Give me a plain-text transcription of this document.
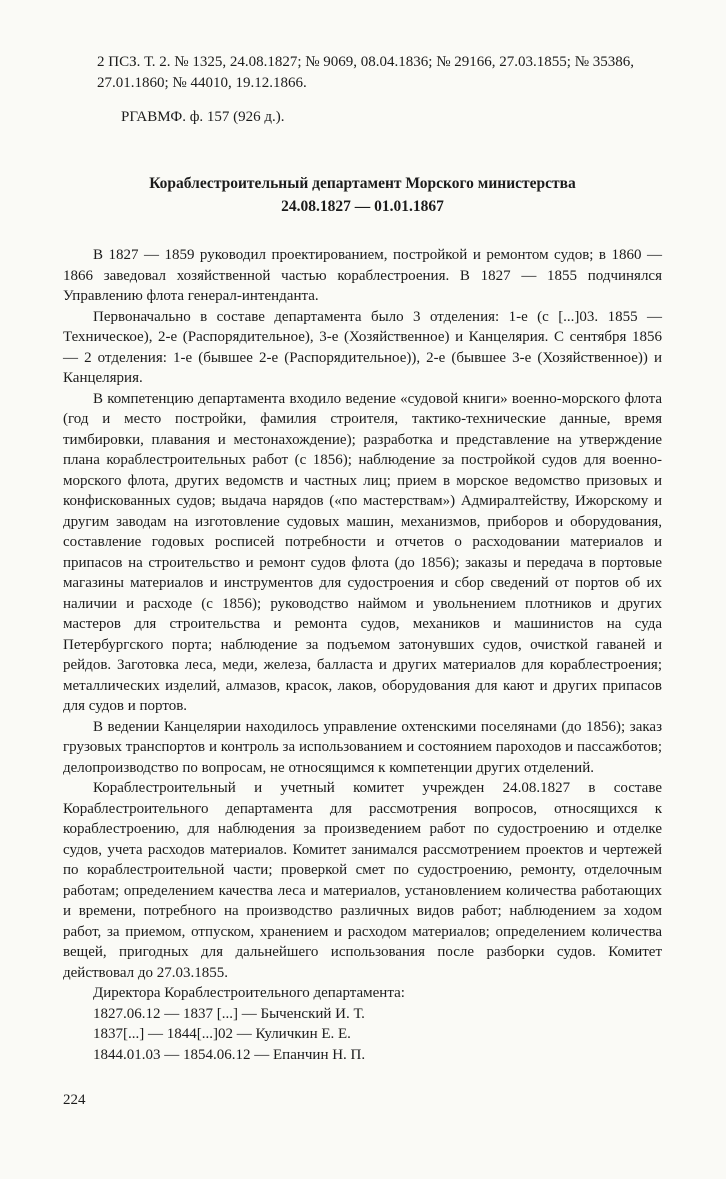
2 ПСЗ. Т. 2. № 1325, 24.08.1827; № 9069, 08.04.1836; № 29166, 27.03.1855; № 35386, 27.01.1860; № 44010, 19.12.1866.
РГАВМФ. ф. 157 (926 д.).
Кораблестроительный департамент Морского министерства
24.08.1827 — 01.01.1867

В 1827 — 1859 руководил проектированием, постройкой и ремонтом судов; в 1860 — 1866 заведовал хозяйственной частью кораблестроения. В 1827 — 1855 подчинялся Управлению флота генерал-интенданта.

Первоначально в составе департамента было 3 отделения: 1-е (с [...]03. 1855 — Техническое), 2-е (Распорядительное), 3-е (Хозяйственное) и Канцелярия. С сентября 1856 — 2 отделения: 1-е (бывшее 2-е (Распорядительное)), 2-е (бывшее 3-е (Хозяйственное)) и Канцелярия.

В компетенцию департамента входило ведение «судовой книги» военно-морского флота (год и место постройки, фамилия строителя, тактико-технические данные, время тимбировки, плавания и местонахождение); разработка и представление на утверждение плана кораблестроительных работ (с 1856); наблюдение за постройкой судов для военно-морского флота, других ведомств и частных лиц; прием в морское ведомство призовых и конфискованных судов; выдача нарядов («по мастерствам») Адмиралтейству, Ижорскому и другим заводам на изготовление судовых машин, механизмов, приборов и оборудования, составление годовых росписей потребности и отчетов о расходовании материалов и припасов на строительство и ремонт судов флота (до 1856); заказы и передача в портовые магазины материалов и инструментов для судостроения и сбор сведений от портов об их наличии и расходе (с 1856); руководство наймом и увольнением плотников и других мастеров для строительства и ремонта судов, механиков и машинистов на суда Петербургского порта; наблюдение за подъемом затонувших судов, очисткой гаваней и рейдов. Заготовка леса, меди, железа, балласта и других материалов для кораблестроения; металлических изделий, алмазов, красок, лаков, оборудования для кают и других припасов для судов и портов.

В ведении Канцелярии находилось управление охтенскими поселянами (до 1856); заказ грузовых транспортов и контроль за использованием и состоянием пароходов и пассажботов; делопроизводство по вопросам, не относящимся к компетенции других отделений.

Кораблестроительный и учетный комитет учрежден 24.08.1827 в составе Кораблестроительного департамента для рассмотрения вопросов, относящихся к кораблестроению, для наблюдения за произведением работ по судостроению и отделке судов, учета расходов материалов. Комитет занимался рассмотрением проектов и чертежей по кораблестроительной части; проверкой смет по судостроению, ремонту, отделочным работам; определением качества леса и материалов, установлением количества работающих и времени, потребного на производство различных видов работ; наблюдением за ходом работ, за приемом, отпуском, хранением и расходом материалов; определением количества вещей, пригодных для дальнейшего использования после разборки судов. Комитет действовал до 27.03.1855.

Директора Кораблестроительного департамента:

1827.06.12 — 1837 [...] — Быченский И. Т.
1837[...] — 1844[...]02 — Куличкин Е. Е.
1844.01.03 — 1854.06.12 — Епанчин Н. П.
224
